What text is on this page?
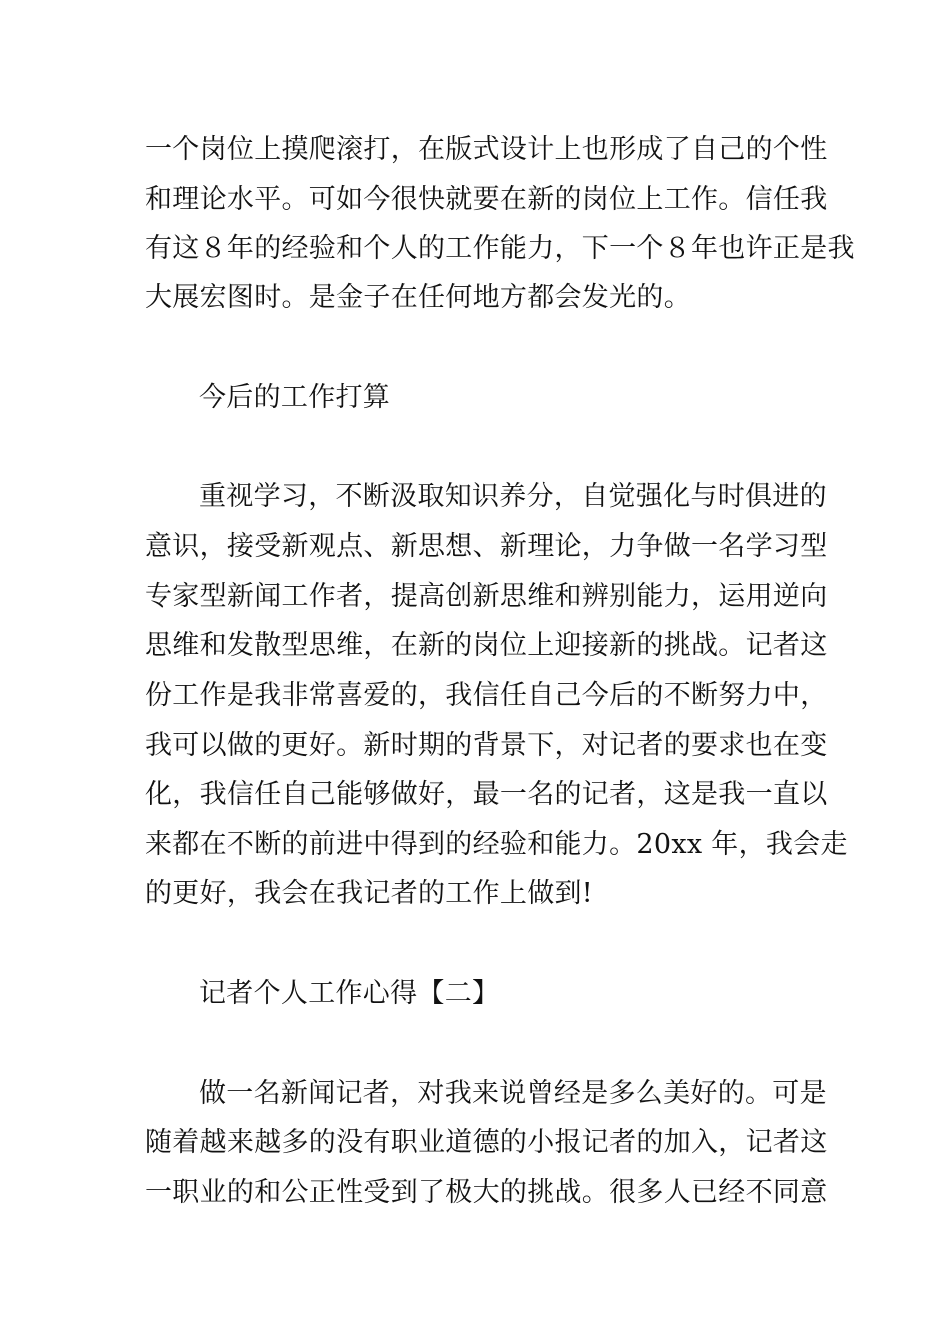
一个岗位上摸爬滚打，在版式设计上也形成了自己的个性
和理论水平。可如今很快就要在新的岗位上工作。信任我
有这８年的经验和个人的工作能力，下一个８年也许正是我
大展宏图时。是金子在任何地方都会发光的。
今后的工作打算
重视学习，不断汲取知识养分，自觉强化与时俱进的
意识，接受新观点、新思想、新理论，力争做一名学习型
专家型新闻工作者，提高创新思维和辨别能力，运用逆向
思维和发散型思维，在新的岗位上迎接新的挑战。记者这
份工作是我非常喜爱的，我信任自己今后的不断努力中，
我可以做的更好。新时期的背景下，对记者的要求也在变
化，我信任自己能够做好，最一名的记者，这是我一直以
来都在不断的前进中得到的经验和能力。20xx 年，我会走
的更好，我会在我记者的工作上做到!
记者个人工作心得【二】
做一名新闻记者，对我来说曾经是多么美好的。可是
随着越来越多的没有职业道德的小报记者的加入，记者这
一职业的和公正性受到了极大的挑战。很多人已经不同意
